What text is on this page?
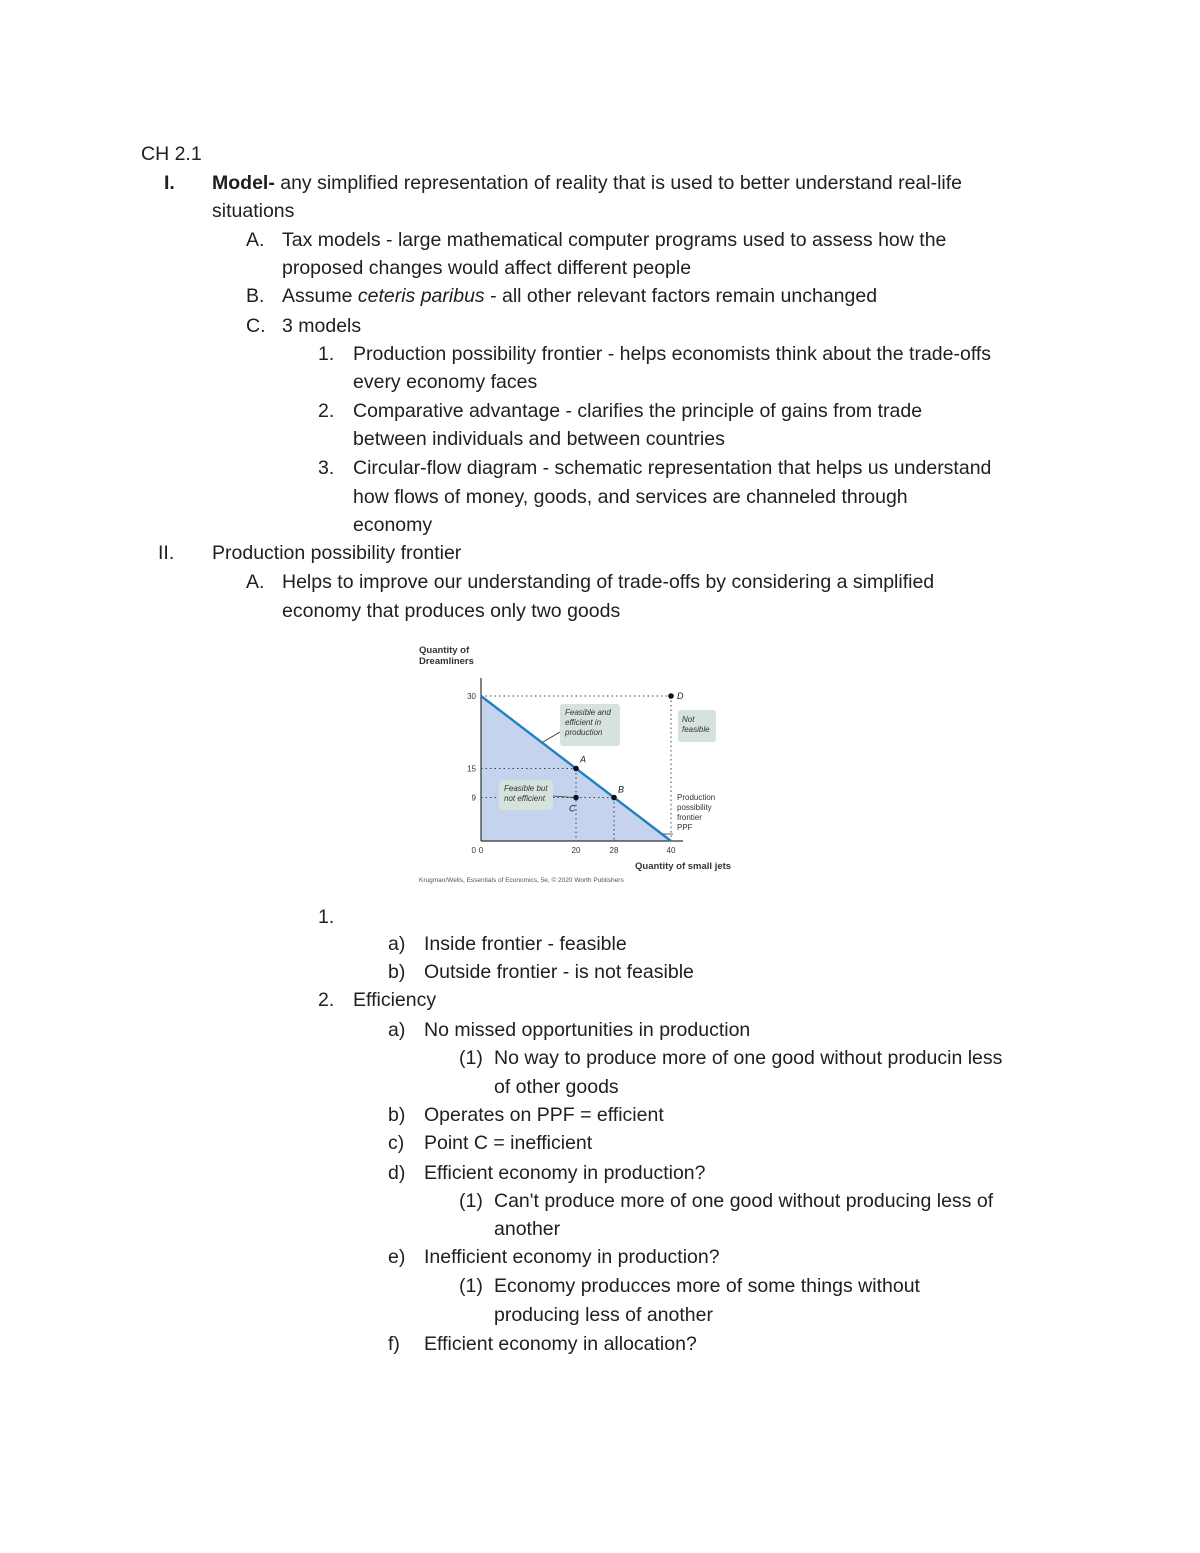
CH 2.1
I. Model- any simplified representation of reality that is used to better understand real-life
situations
A. Tax models - large mathematical computer programs used to assess how the
proposed changes would affect different people
B. Assume ceteris paribus - all other relevant factors remain unchanged
C. 3 models
1. Production possibility frontier - helps economists think about the trade-offs
every economy faces
2. Comparative advantage - clarifies the principle of gains from trade
between individuals and between countries
3. Circular-flow diagram - schematic representation that helps us understand
how flows of money, goods, and services are channeled through
economy
II. Production possibility frontier
A. Helps to improve our understanding of trade-offs by considering a simplified
economy that produces only two goods
Quantity of
Dreamliners
A
B
C
D
30
15
9
0	20	28	40
Feasible and
efficient in
production
Feasible but
not efficient
Not
feasible
Production
possibility
frontier
PPF
0
Quantity of small jets
Krugman/Wells, Essentials of Economics, 5e, © 2020 Worth Publishers
1.
a) Inside frontier - feasible
b) Outside frontier - is not feasible
2. Efficiency
a) No missed opportunities in production
(1) No way to produce more of one good without producin less
of other goods
b) Operates on PPF = efficient
c) Point C = inefficient
d) Efficient economy in production?
(1) Can't produce more of one good without producing less of
another
e) Inefficient economy in production?
(1) Economy producces more of some things without
producing less of another
f) Efficient economy in allocation?
